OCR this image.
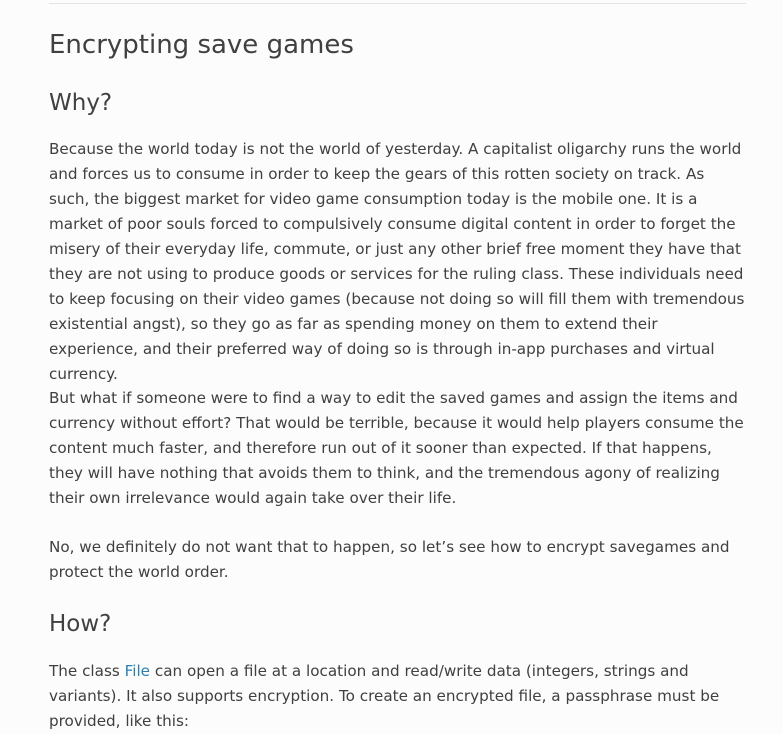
Encrypting save games
Why?

Because the world today is not the world of yesterday. A capitalist oligarchy runs the world and forces us to consume in order to keep the gears of this rotten society on track. As such, the biggest market for video game consumption today is the mobile one. It is a market of poor souls forced to compulsively consume digital content in order to forget the misery of their everyday life, commute, or just any other brief free moment they have that they are not using to produce goods or services for the ruling class. These individuals need to keep focusing on their video games (because not doing so will fill them with tremendous existential angst), so they go as far as spending money on them to extend their experience, and their preferred way of doing so is through in-app purchases and virtual currency.

But what if someone were to find a way to edit the saved games and assign the items and currency without effort? That would be terrible, because it would help players consume the content much faster, and therefore run out of it sooner than expected. If that happens, they will have nothing that avoids them to think, and the tremendous agony of realizing their own irrelevance would again take over their life.

No, we definitely do not want that to happen, so let’s see how to encrypt savegames and protect the world order.

How?

The class File can open a file at a location and read/write data (integers, strings and variants). It also supports encryption. To create an encrypted file, a passphrase must be provided, like this:
